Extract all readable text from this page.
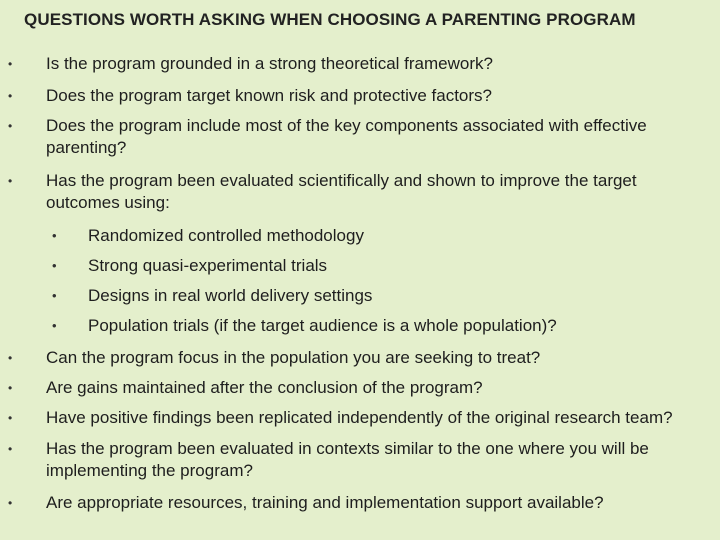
QUESTIONS WORTH ASKING WHEN CHOOSING A PARENTING PROGRAM
• Is the program grounded in a strong theoretical framework?
• Does the program target known risk and protective factors?
• Does the program include most of the key components associated with effective parenting?
• Has the program been evaluated scientifically and shown to improve the target outcomes using:
• Randomized controlled methodology
• Strong quasi-experimental trials
• Designs in real world delivery settings
• Population trials (if the target audience is a whole population)?
• Can the program focus in the population you are seeking to treat?
• Are gains maintained after the conclusion of the program?
• Have positive findings been replicated independently of the original research team?
• Has the program been evaluated in contexts similar to the one where you will be implementing the program?
• Are appropriate resources, training and implementation support available?
